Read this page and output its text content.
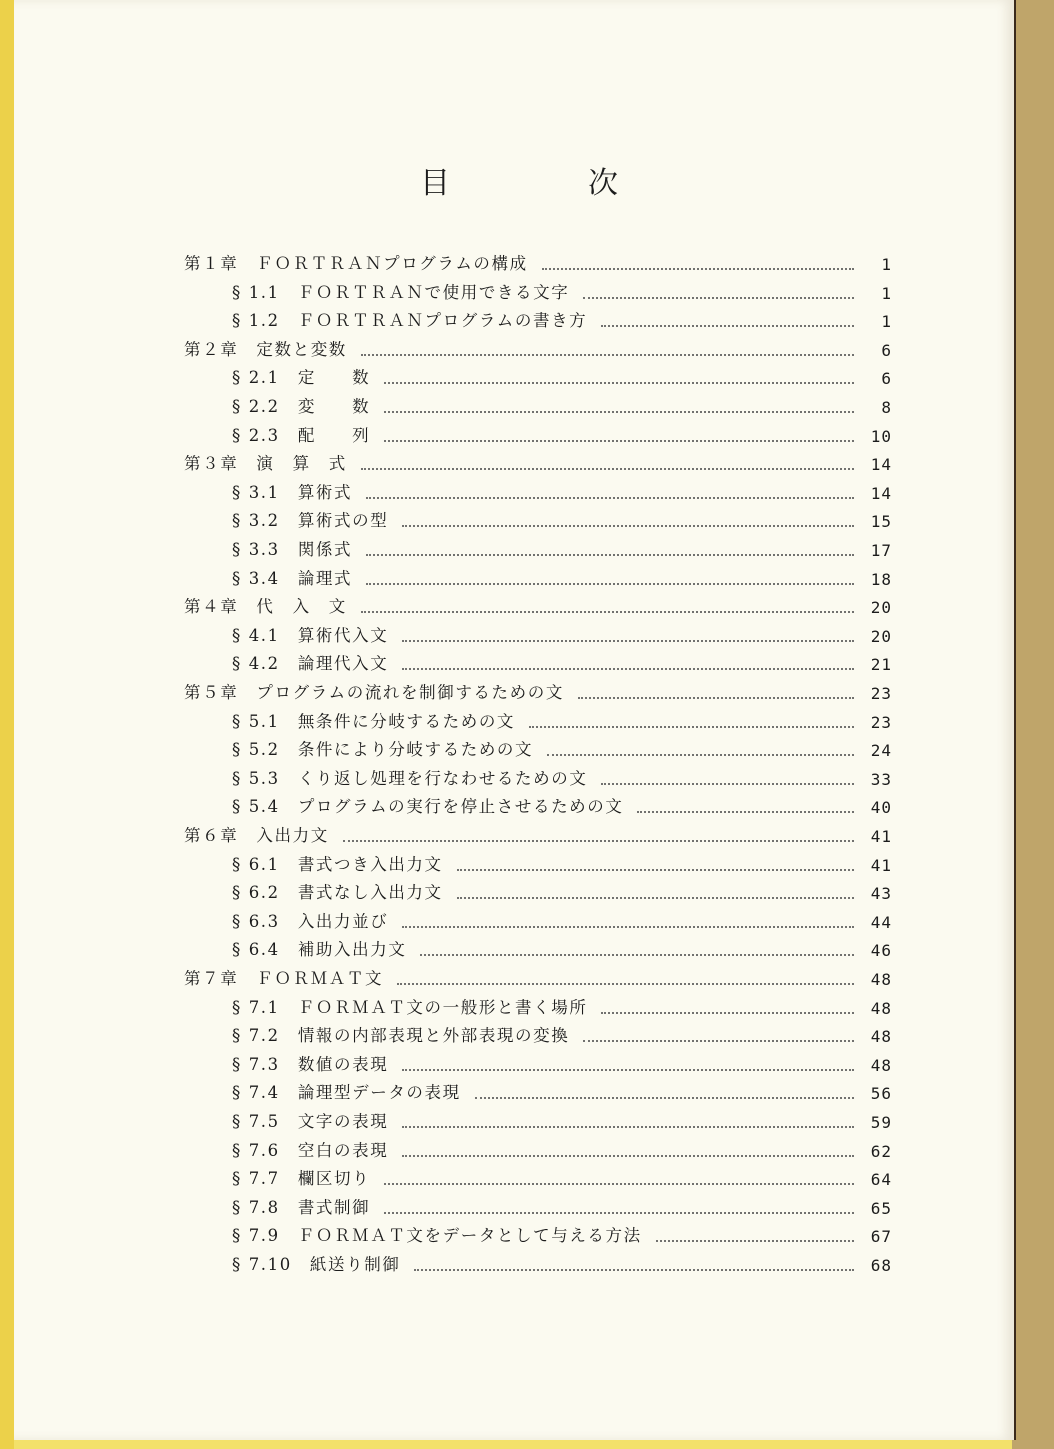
目	次
第１章　ＦＯＲＴＲＡＮプログラムの構成	1
§ 1.1　ＦＯＲＴＲＡＮで使用できる文字	1
§ 1.2　ＦＯＲＴＲＡＮプログラムの書き方	1
第２章　定数と変数	6
§ 2.1　定　　数	6
§ 2.2　変　　数	8
§ 2.3　配　　列	10
第３章　演　算　式	14
§ 3.1　算術式	14
§ 3.2　算術式の型	15
§ 3.3　関係式	17
§ 3.4　論理式	18
第４章　代　入　文	20
§ 4.1　算術代入文	20
§ 4.2　論理代入文	21
第５章　プログラムの流れを制御するための文	23
§ 5.1　無条件に分岐するための文	23
§ 5.2　条件により分岐するための文	24
§ 5.3　くり返し処理を行なわせるための文	33
§ 5.4　プログラムの実行を停止させるための文	40
第６章　入出力文	41
§ 6.1　書式つき入出力文	41
§ 6.2　書式なし入出力文	43
§ 6.3　入出力並び	44
§ 6.4　補助入出力文	46
第７章　ＦＯＲＭＡＴ文	48
§ 7.1　ＦＯＲＭＡＴ文の一般形と書く場所	48
§ 7.2　情報の内部表現と外部表現の変換	48
§ 7.3　数値の表現	48
§ 7.4　論理型データの表現	56
§ 7.5　文字の表現	59
§ 7.6　空白の表現	62
§ 7.7　欄区切り	64
§ 7.8　書式制御	65
§ 7.9　ＦＯＲＭＡＴ文をデータとして与える方法	67
§ 7.10　紙送り制御	68
